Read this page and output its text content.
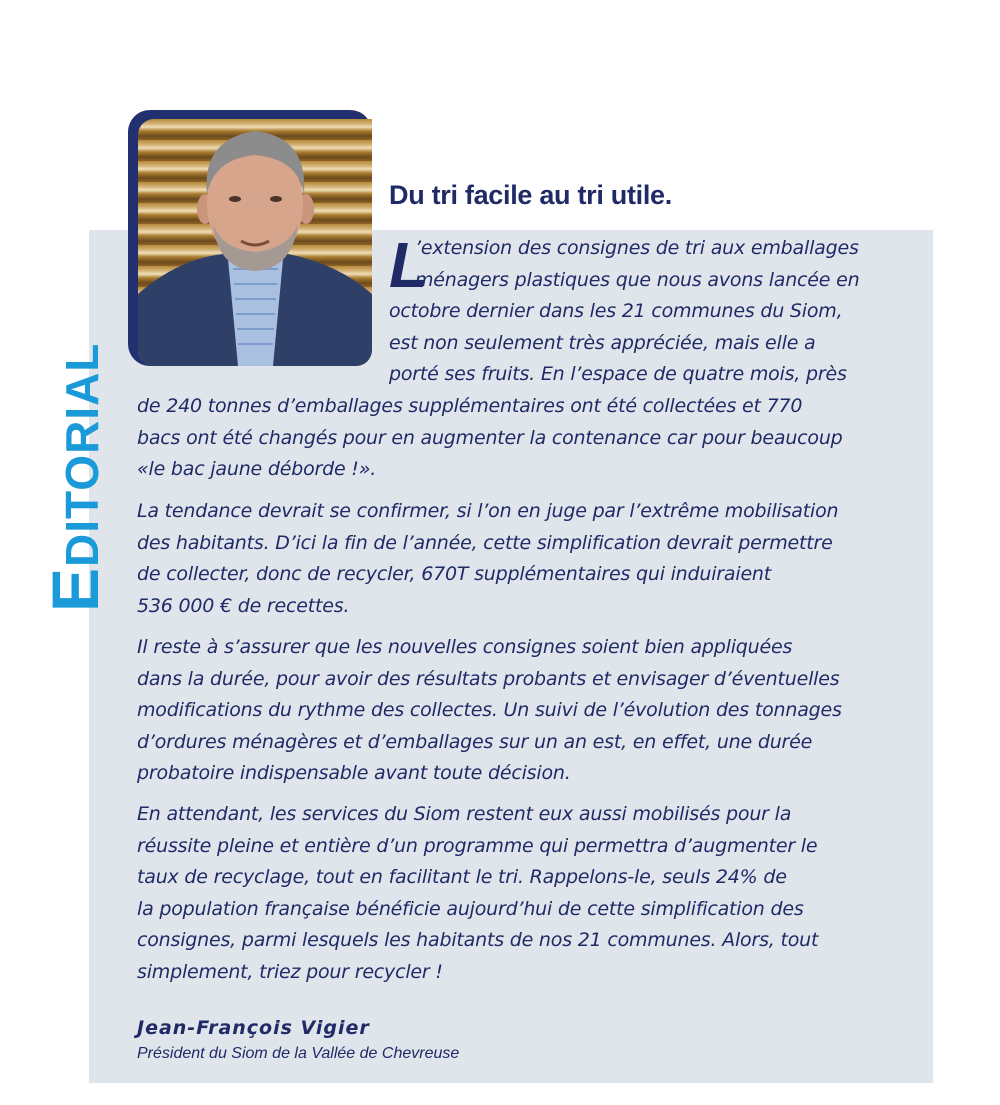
EDITORIAL
Du tri facile au tri utile.
L
’extension des consignes de tri aux emballages
ménagers plastiques que nous avons lancée en
octobre dernier dans les 21 communes du Siom,
est non seulement très appréciée, mais elle a
porté ses fruits. En l’espace de quatre mois, près
de 240 tonnes d’emballages supplémentaires ont été collectées et 770
bacs ont été changés pour en augmenter la contenance car pour beaucoup
«le bac jaune déborde !».
La tendance devrait se confirmer, si l’on en juge par l’extrême mobilisation
des habitants. D’ici la fin de l’année, cette simplification devrait permettre
de collecter, donc de recycler, 670T supplémentaires qui induiraient
536 000 € de recettes.
Il reste à s’assurer que les nouvelles consignes soient bien appliquées
dans la durée, pour avoir des résultats probants et envisager d’éventuelles
modifications du rythme des collectes. Un suivi de l’évolution des tonnages
d’ordures ménagères et d’emballages sur un an est, en effet, une durée
probatoire indispensable avant toute décision.
En attendant, les services du Siom restent eux aussi mobilisés pour la
réussite pleine et entière d’un programme qui permettra d’augmenter le
taux de recyclage, tout en facilitant le tri. Rappelons-le, seuls 24% de
la population française bénéficie aujourd’hui de cette simplification des
consignes, parmi lesquels les habitants de nos 21 communes. Alors, tout
simplement, triez pour recycler !
Jean-François Vigier
Président du Siom de la Vallée de Chevreuse
